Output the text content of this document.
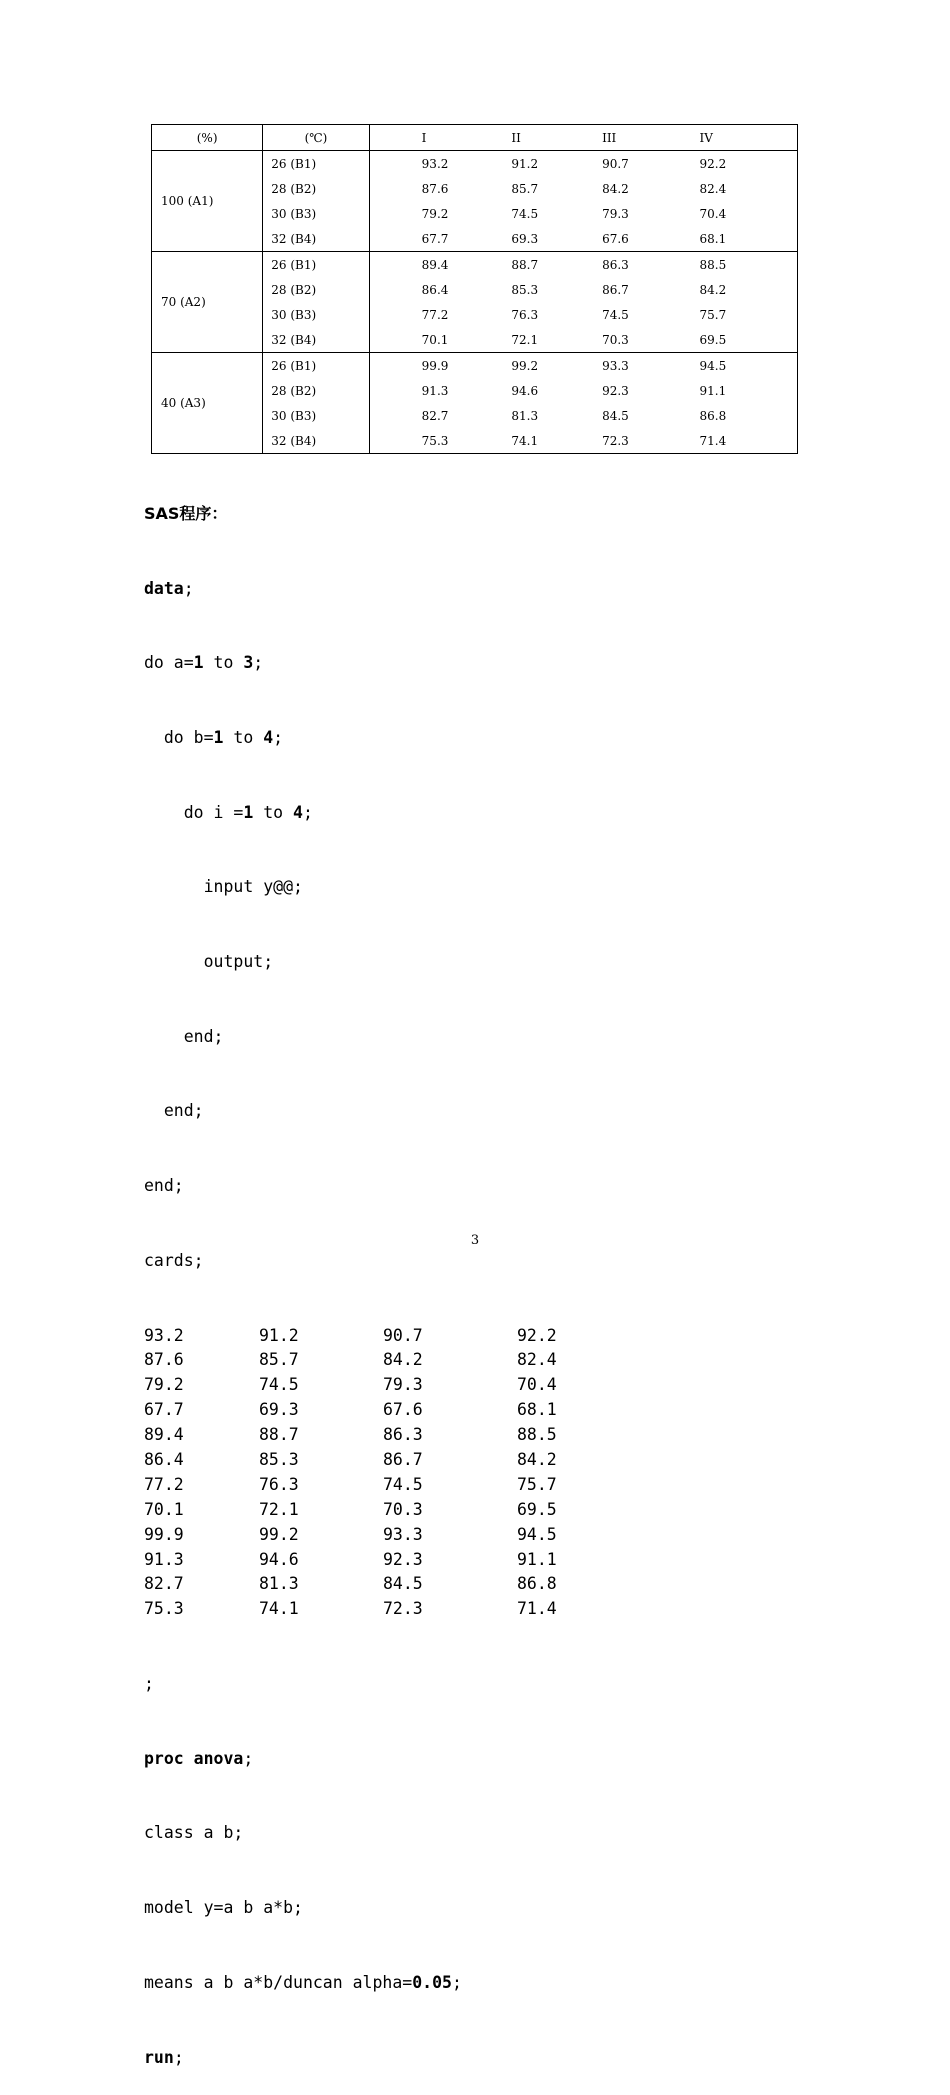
(%)	(℃)	I	II	III	IV
100 (A1)	26 (B1)	93.2	91.2	90.7	92.2
	28 (B2)	87.6	85.7	84.2	82.4
	30 (B3)	79.2	74.5	79.3	70.4
	32 (B4)	67.7	69.3	67.6	68.1
70 (A2)	26 (B1)	89.4	88.7	86.3	88.5
	28 (B2)	86.4	85.3	86.7	84.2
	30 (B3)	77.2	76.3	74.5	75.7
	32 (B4)	70.1	72.1	70.3	69.5
40 (A3)	26 (B1)	99.9	99.2	93.3	94.5
	28 (B2)	91.3	94.6	92.3	91.1
	30 (B3)	82.7	81.3	84.5	86.8
	32 (B4)	75.3	74.1	72.3	71.4

SAS程序：

data;

do a=1 to 3;

do b=1 to 4;

do i =1 to 4;

input y@@;

output;

end;

end;

end;

cards;

93.2	91.2	90.7	92.2
87.6	85.7	84.2	82.4
79.2	74.5	79.3	70.4
67.7	69.3	67.6	68.1
89.4	88.7	86.3	88.5
86.4	85.3	86.7	84.2
77.2	76.3	74.5	75.7
70.1	72.1	70.3	69.5
99.9	99.2	93.3	94.5
91.3	94.6	92.3	91.1
82.7	81.3	84.5	86.8
75.3	74.1	72.3	71.4

;

proc anova;

class a b;

model y=a b a*b;

means a b a*b/duncan alpha=0.05;

run;

3
